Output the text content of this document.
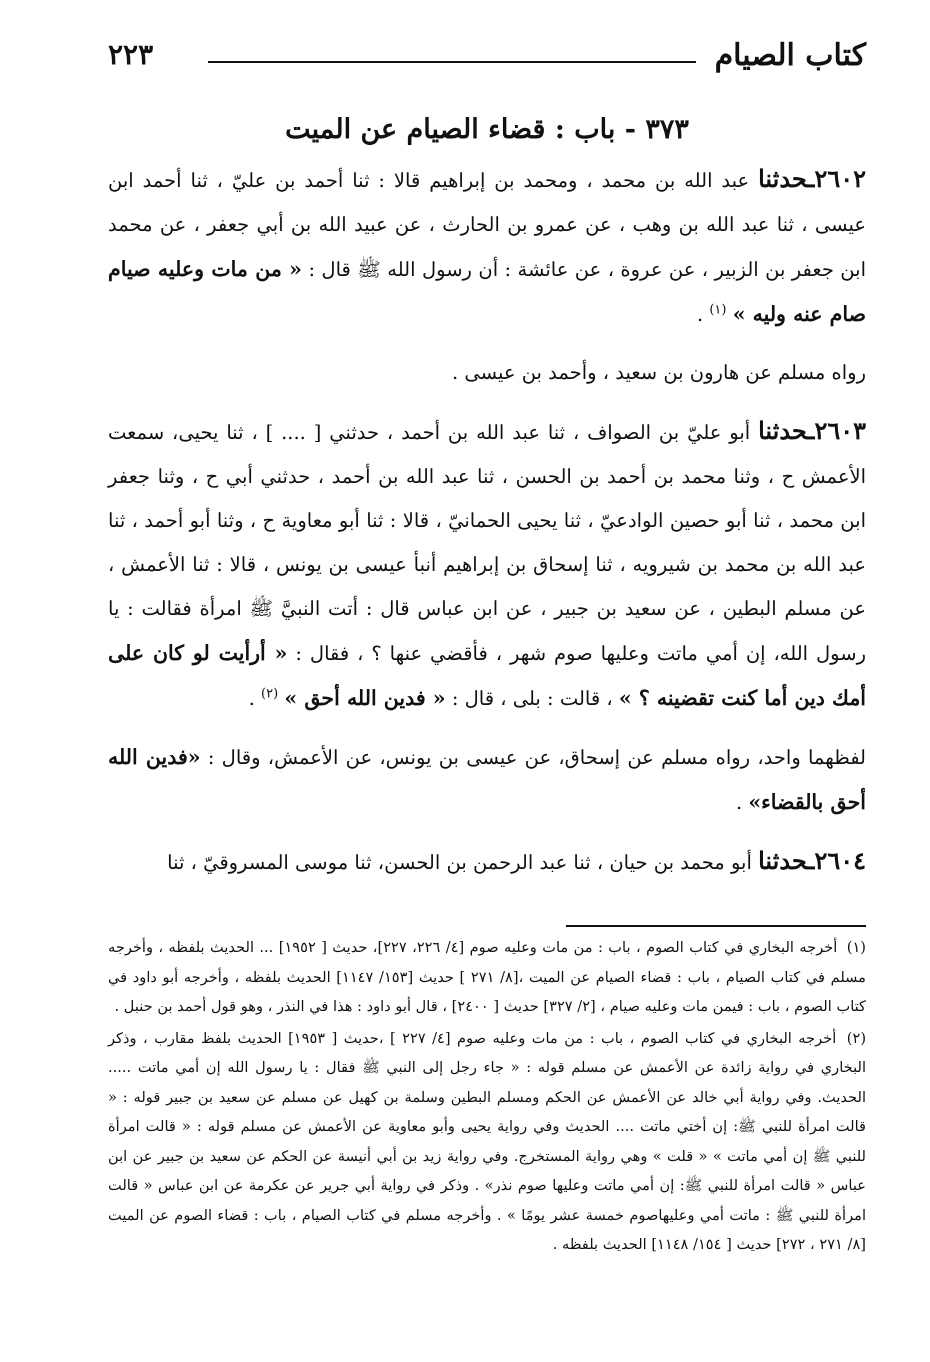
كتاب الصيام
٢٢٣
٣٧٣ - باب : قضاء الصيام عن الميت

٢٦٠٢ـحدثنا عبد الله بن محمد ، ومحمد بن إبراهيم قالا : ثنا أحمد بن عليّ ، ثنا أحمد ابن عيسى ، ثنا عبد الله بن وهب ، عن عمرو بن الحارث ، عن عبيد الله بن أبي جعفر ، عن محمد ابن جعفر بن الزبير ، عن عروة ، عن عائشة : أن رسول الله ﷺ قال : « من مات وعليه صيام صام عنه وليه » $^{(١)}$ .

رواه مسلم عن هارون بن سعيد ، وأحمد بن عيسى .

٢٦٠٣ـحدثنا أبو عليّ بن الصواف ، ثنا عبد الله بن أحمد ، حدثني [ .... ] ، ثنا يحيى، سمعت الأعمش ح ، وثنا محمد بن أحمد بن الحسن ، ثنا عبد الله بن أحمد ، حدثني أبي ح ، وثنا جعفر ابن محمد ، ثنا أبو حصين الوادعيّ ، ثنا يحيى الحمانيّ ، قالا : ثنا أبو معاوية ح ، وثنا أبو أحمد ، ثنا عبد الله بن محمد بن شيرويه ، ثنا إسحاق بن إبراهيم أنبأ عيسى بن يونس ، قالا : ثنا الأعمش ، عن مسلم البطين ، عن سعيد بن جبير ، عن ابن عباس قال : أتت النبيَّ ﷺ امرأة فقالت : يا رسول الله، إن أمي ماتت وعليها صوم شهر ، فأقضي عنها ؟ ، فقال : « أرأيت لو كان على أمك دين أما كنت تقضينه ؟ » ، قالت : بلى ، قال : « فدين الله أحق » $^{(٢)}$ .

لفظهما واحد، رواه مسلم عن إسحاق، عن عيسى بن يونس، عن الأعمش، وقال : «فدين الله أحق بالقضاء» .

٢٦٠٤ـحدثنا أبو محمد بن حيان ، ثنا عبد الرحمن بن الحسن، ثنا موسى المسروقيّ ، ثنا

(١) أخرجه البخاري في كتاب الصوم ، باب : من مات وعليه صوم [٤/ ٢٢٦، ٢٢٧]، حديث [ ١٩٥٢] ... الحديث بلفظه ، وأخرجه مسلم في كتاب الصيام ، باب : قضاء الصيام عن الميت ،[٨/ ٢٧١ ] حديث [١٥٣/ ١١٤٧] الحديث بلفظه ، وأخرجه أبو داود في كتاب الصوم ، باب : فيمن مات وعليه صيام ، [٢/ ٣٢٧] حديث [ ٢٤٠٠] ، قال أبو داود : هذا في النذر ، وهو قول أحمد بن حنبل .

(٢) أخرجه البخاري في كتاب الصوم ، باب : من مات وعليه صوم [٤/ ٢٢٧ ] ،حديث [ ١٩٥٣] الحديث بلفظ مقارب ، وذكر البخاري في رواية زائدة عن الأعمش عن مسلم قوله : « جاء رجل إلى النبي ﷺ فقال : يا رسول الله إن أمي ماتت ..... الحديث. وفي رواية أبي خالد عن الأعمش عن الحكم ومسلم البطين وسلمة بن كهيل عن مسلم عن سعيد بن جبير قوله : « قالت امرأة للنبي ﷺ: إن أختي ماتت .... الحديث وفي رواية يحيى وأبو معاوية عن الأعمش عن مسلم قوله : « قالت امرأة للنبي ﷺ إن أمي ماتت » « قلت » وهي رواية المستخرج. وفي رواية زيد بن أبي أنيسة عن الحكم عن سعيد بن جبير عن ابن عباس « قالت امرأة للنبي ﷺ: إن أمي ماتت وعليها صوم نذر» . وذكر في رواية أبي جرير عن عكرمة عن ابن عباس « قالت امرأة للنبي ﷺ : ماتت أمي وعليهاصوم خمسة عشر يومًا » . وأخرجه مسلم في كتاب الصيام ، باب : قضاء الصوم عن الميت [٨/ ٢٧١ ، ٢٧٢] حديث [ ١٥٤/ ١١٤٨] الحديث بلفظه .
